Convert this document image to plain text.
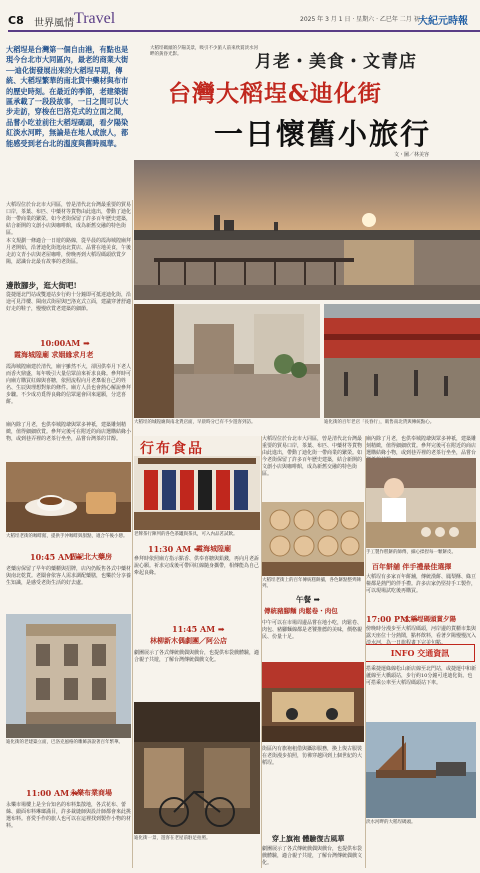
C8 世界風情 Travel	2025 年 3 月 1 日 · 星期六 · 乙巳年 二月 初二
大紀元時報
大稻埕是台灣第一個自由港，有點也是現今台北市大同區內，最老的商業大街──迪化街發展出來的大稻埕早期，傳統、大稻埕繁華的南北貨中藥材與布市的歷史時刻。在最近的季節，老建築街區承載了一段段故事，一日之間可以大步走訪，穿梭在巴洛克式的立面之間，品嘗小吃並前往大稻埕碼頭，看夕陽染紅淡水河畔，無論是在地人或旅人，都能感受到老台北的溫度與舊時風華。
大稻埕碼頭的夕陽美景，吸引不少旅人前來欣賞淡水河畔的黃昏光影。	月老・美食・文青店
台灣大稻埕&迪化街
一日懷舊小旅行
文・圖／林美容
大稻埕位於台北市大同區，曾是清代北台灣最重要的貿易口岸，茶葉、布匹、中藥材等貨物由此進出，帶動了迪化街一帶商業的繁榮。如今老街保留了許多百年歷史建築，結合新開的文創小店與咖啡館，成為新舊交融的特色街區。
本文規劃一條適合一日遊的路線，從早晨的霞海城隍廟拜月老開始，沿著迪化街逛南北貨店、品嘗在地美食，午後走訪文青小店與老屋咖啡，傍晚再到大稻埕碼頭欣賞夕陽，認識台北最有故事的老街區。
邊散腳步，逛大街吧!
從捷運北門站或雙連站步行約十分鐘即可抵達迪化街，沿途可見洋樓、閩南式街屋與巴洛克式立面，建議穿著舒適好走的鞋子，慢慢欣賞老建築的細節。
10:00AM ➡
霞海城隍廟 求姻緣求月老
霞海城隍廟建於清代，廟宇雖然不大，卻因供奉月下老人而香火鼎盛，每年吸引大量信眾前來祈求良緣。參拜時可向廟方購買紅線與喜糖，依照流程向月老稟報自己的姓名、生辰與理想對象的條件。廟方人員也會熱心解說參拜步驟。不少成功覓得良緣的信眾還會回來還願，分送喜餅。
廟內除了月老，也供奉城隍爺與眾多神祇，建築雕刻精緻，值得細細欣賞。參拜完後可在附近的商店選購結緣小物，或到巷弄裡的老茶行坐坐，品嘗台灣茶的甘醇。
大稻埕老街的咖啡館，提供手沖咖啡與甜點，適合午後小憩。
10:45 AM ➡
固記北大藥房
老藥房保留了早年的藥櫃與招牌，店內仍販售各式中藥材與南北乾貨。老闆會依客人需求調配藥膳，也樂於分享養生知識，是感受老街生活的好去處。
迪化街的老建築立面，巴洛克風格的雕飾訴說著百年繁華。
11:00 AM ➡
永樂布業商場
永樂市場樓上是全台知名的布料集散地，各式花布、蕾絲、緞面布料琳瑯滿目，許多裁縫師與設計師都會來此挑選布料。喜愛手作的旅人也可以在這裡找到製作小物的材料。
大稻埕的城隍廟與南北貨店面，早晨時分已有不少遊客到訪。	迪化街的百年老店「長春行」，販售南北貨與傳統點心。
行布食品
老牌茶行陳列的各色茶罐與茶具，可入內品茗試飲。
11:30 AM ➡
霞海城隍廟
參拜時依照廟方指示點香、供奉喜糖與鉛錢，再向月老訴說心願。祈求完成後可帶回紅線隨身攜帶，相傳能為自己牽起良緣。
11:45 AM ➡
林柳新木偶劇團／阿公店
劇團展示了各式傳統戲偶與戲台，也提供布袋戲體驗，適合親子共遊，了解台灣傳統偶戲文化。
迪化街一景，遊客在老屋前駐足拍照。
大稻埕位於台北市大同區，曾是清代北台灣最重要的貿易口岸，茶葉、布匹、中藥材等貨物由此進出，帶動了迪化街一帶商業的繁榮。如今老街保留了許多百年歷史建築，結合新開的文創小店與咖啡館，成為新舊交融的特色街區。
大稻埕老街上的百年傳統糕餅舖，各色餅點整齊陳列。
午餐 ➡
傳統豬腳麵 肉鬆卷・肉包
中午可以在市場周邊品嘗在地小吃，肉鬆卷、肉包、豬腳麵線都是老饕推薦的美味，價格親民、份量十足。
街區內有旗袍租借與攝影服務，換上復古服裝在老街漫步拍照，彷彿穿越回到上個世紀的大稻埕。
穿上旗袍 體驗復古風華
劇團展示了各式傳統戲偶與戲台，也提供布袋戲體驗，適合親子共遊，了解台灣傳統偶戲文化。
廟內除了月老，也供奉城隍爺與眾多神祇，建築雕刻精緻，值得細細欣賞。參拜完後可在附近的商店選購結緣小物，或到巷弄裡的老茶行坐坐，品嘗台
手工製作糕餅的師傅，細心揉捏每一顆餅皮。
百年餅舖 伴手禮最佳選擇
大稻埕有多家百年餅舖，傳統漢餅、鳳梨酥、綠豆椪都是熱門的伴手禮。許多店家仍堅持手工製作，可以現場試吃後再購買。
17:00 PM ➡
大稻埕碼頭賞夕陽
傍晚時分漫步至大稻埕碼頭，河岸邊的貨櫃市集與露天座位十分熱鬧，點杯飲料，看著夕陽慢慢沉入淡水河，為一日旅程畫下完美句點。
INFO 交通資訊
搭乘捷運綠線松山新店線至北門站，或捷運中和新蘆線至大橋頭站，步行約10分鐘可達迪化街。也可搭乘公車至大稻埕碼頭站下車。
淡水河畔的大稻埕碼頭。
